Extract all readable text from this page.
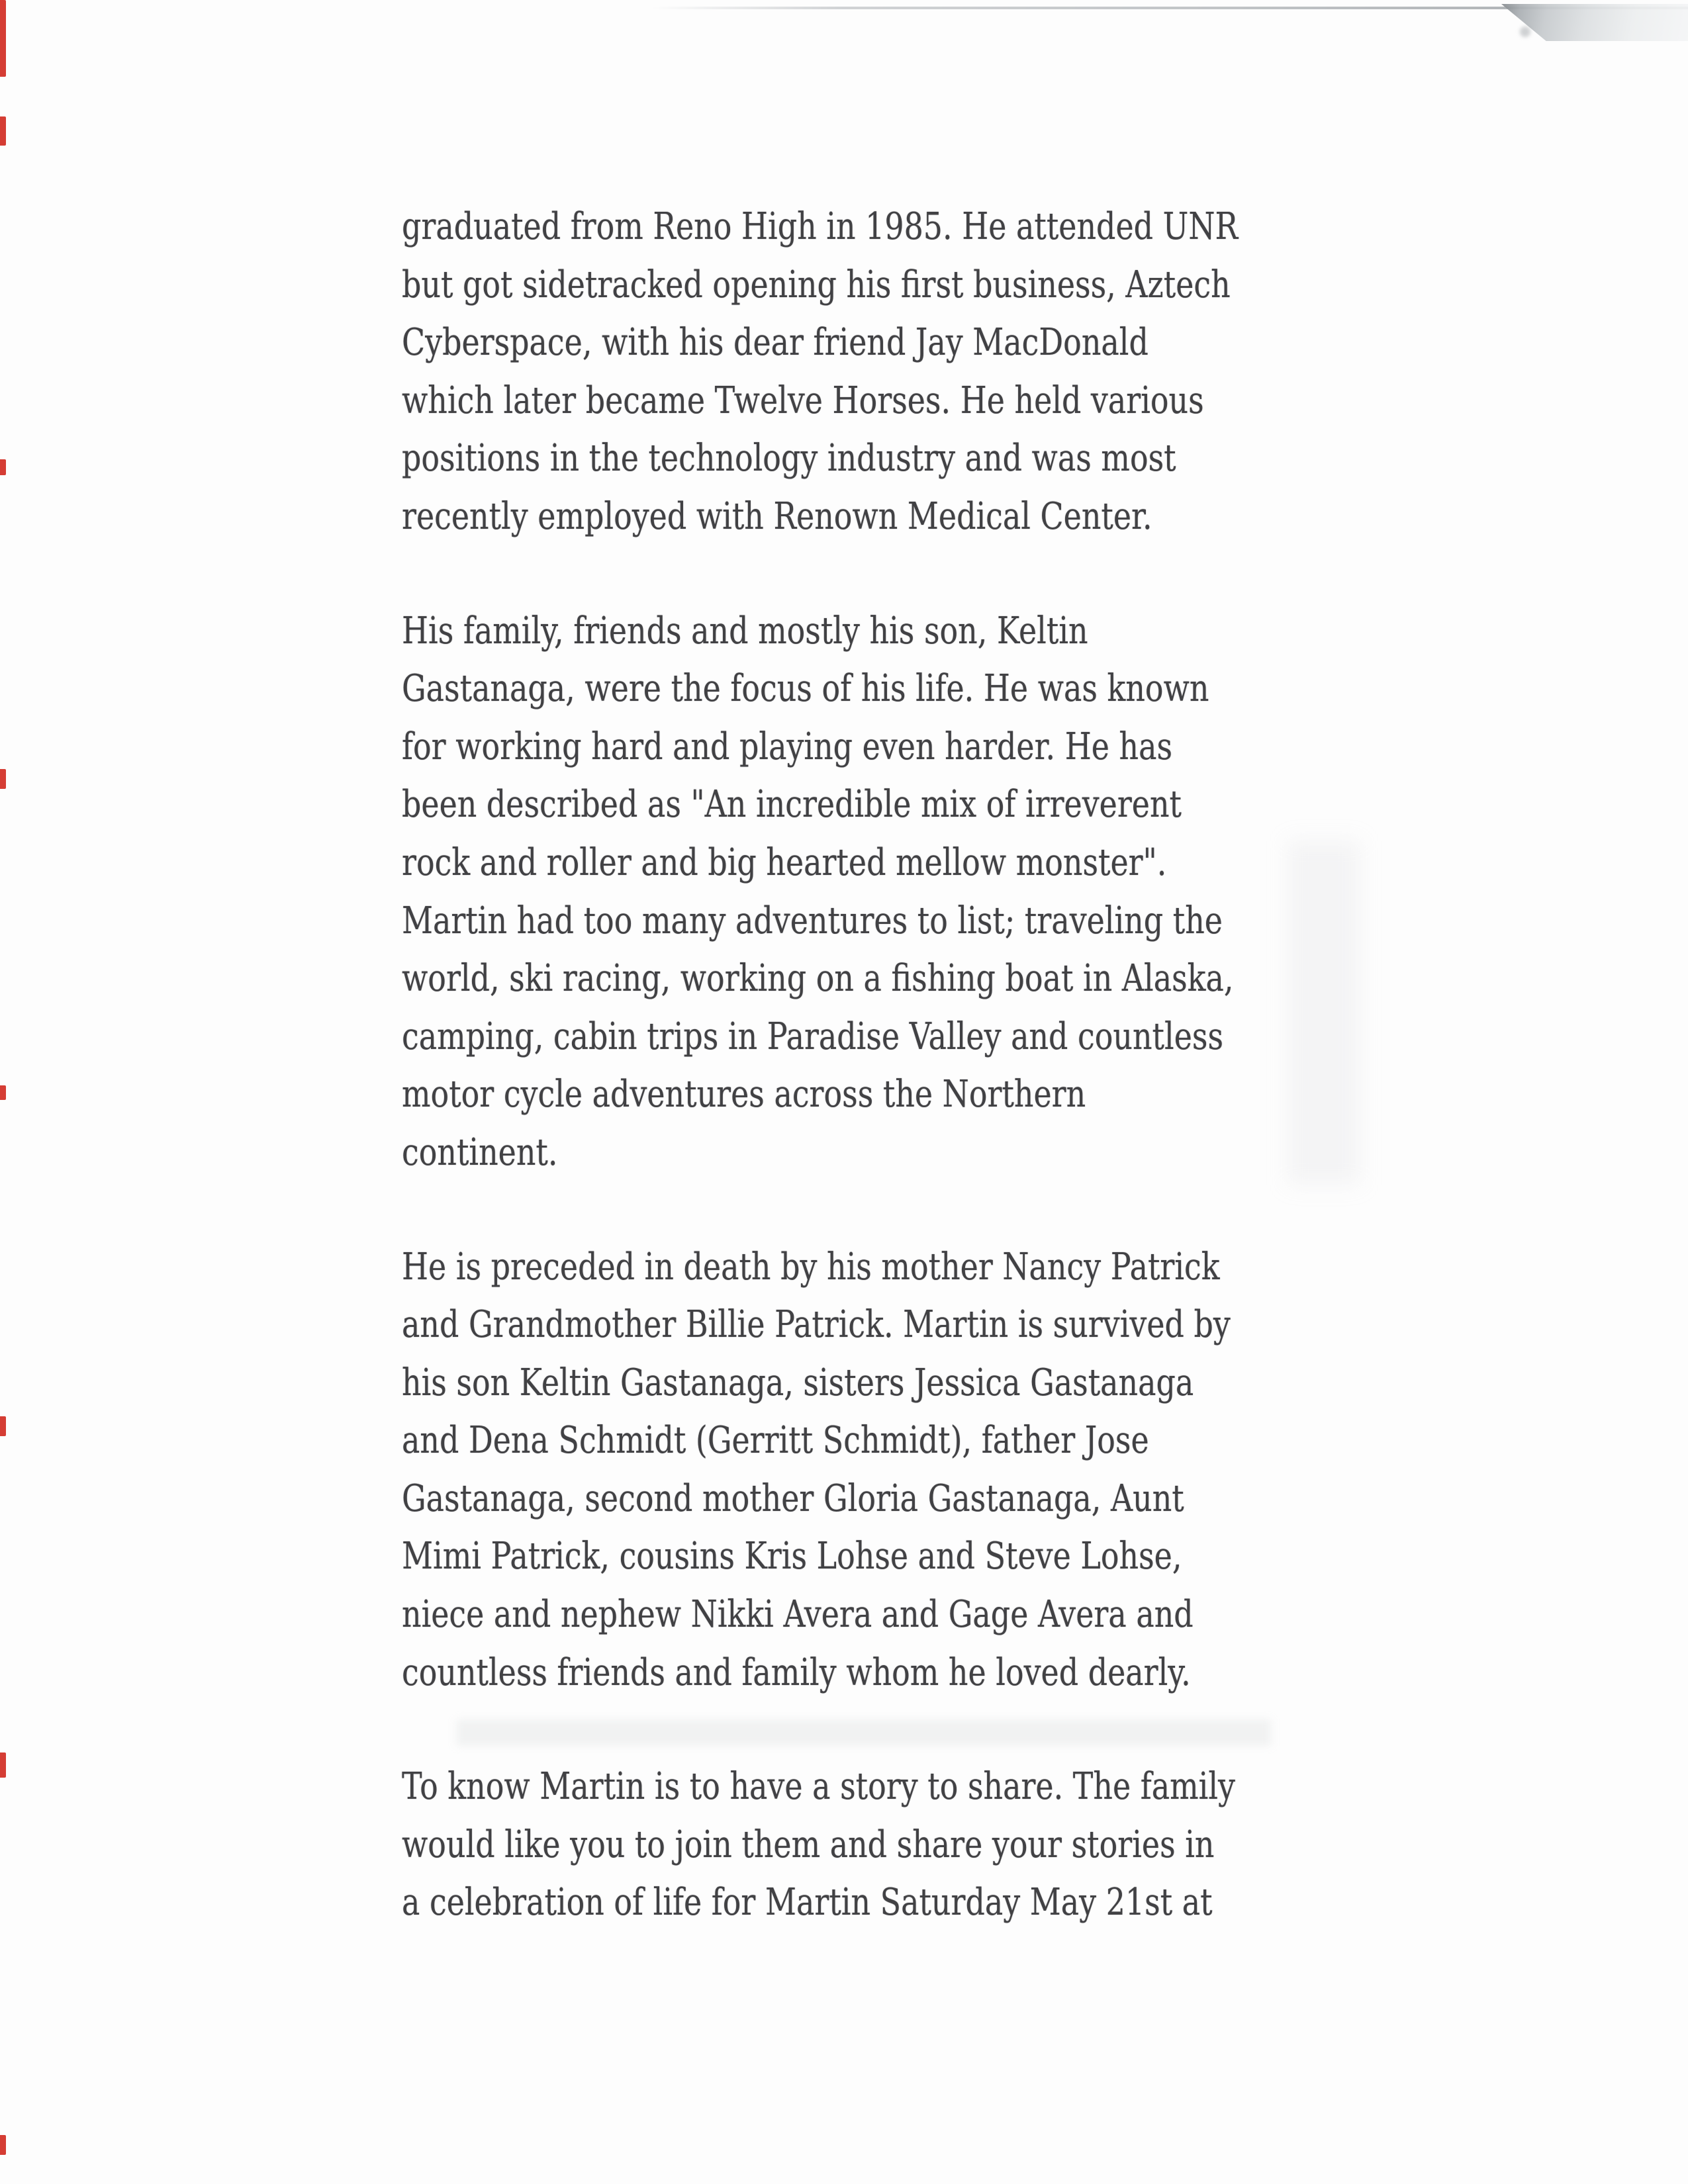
graduated from Reno High in 1985. He attended UNR
but got sidetracked opening his first business, Aztech
Cyberspace, with his dear friend Jay MacDonald
which later became Twelve Horses. He held various
positions in the technology industry and was most
recently employed with Renown Medical Center.

His family, friends and mostly his son, Keltin
Gastanaga, were the focus of his life. He was known
for working hard and playing even harder. He has
been described as "An incredible mix of irreverent
rock and roller and big hearted mellow monster".
Martin had too many adventures to list; traveling the
world, ski racing, working on a fishing boat in Alaska,
camping, cabin trips in Paradise Valley and countless
motor cycle adventures across the Northern
continent.

He is preceded in death by his mother Nancy Patrick
and Grandmother Billie Patrick. Martin is survived by
his son Keltin Gastanaga, sisters Jessica Gastanaga
and Dena Schmidt (Gerritt Schmidt), father Jose
Gastanaga, second mother Gloria Gastanaga, Aunt
Mimi Patrick, cousins Kris Lohse and Steve Lohse,
niece and nephew Nikki Avera and Gage Avera and
countless friends and family whom he loved dearly.

To know Martin is to have a story to share. The family
would like you to join them and share your stories in
a celebration of life for Martin Saturday May 21st at
